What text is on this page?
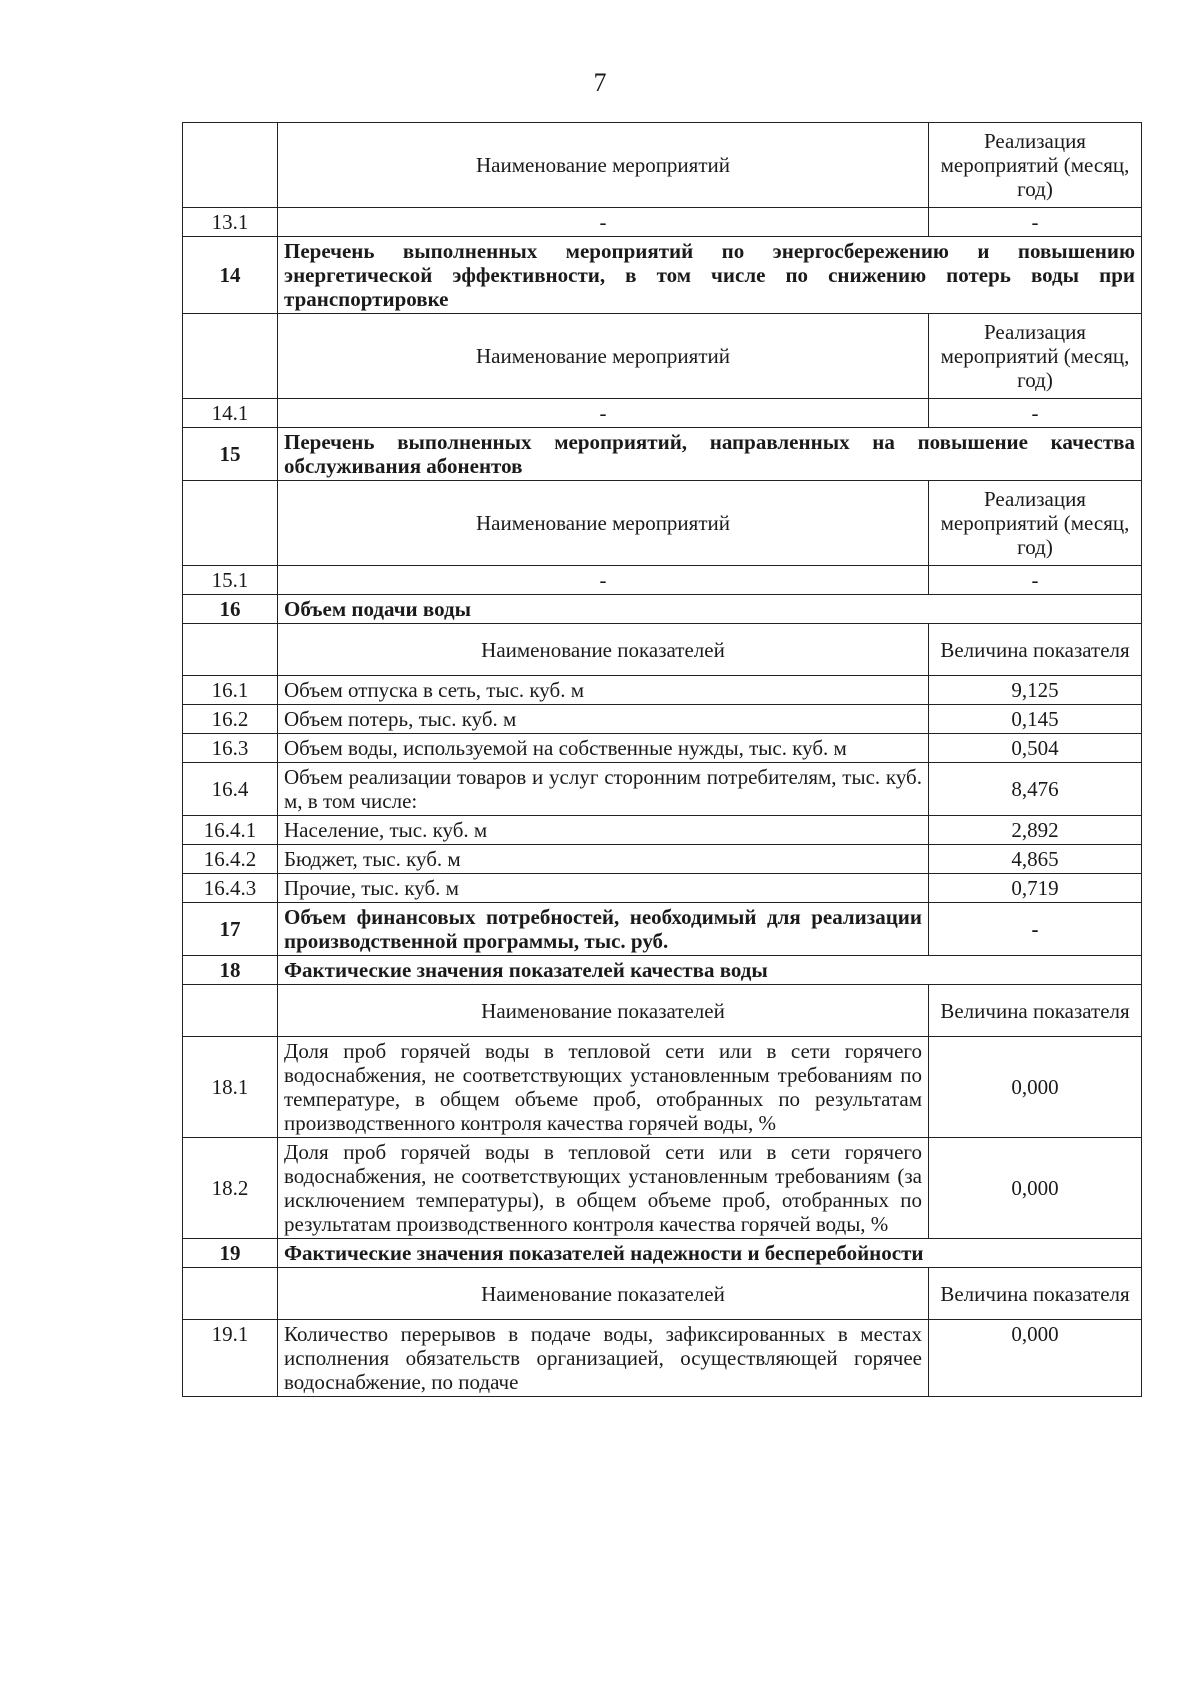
7
	Наименование мероприятий	Реализация мероприятий (месяц, год)
13.1	-	-
14	Перечень выполненных мероприятий по энергосбережению и повышению энергетической эффективности, в том числе по снижению потерь воды при транспортировке	
	Наименование мероприятий	Реализация мероприятий (месяц, год)
14.1	-	-
15	Перечень выполненных мероприятий, направленных на повышение качества обслуживания абонентов	
	Наименование мероприятий	Реализация мероприятий (месяц, год)
15.1	-	-
16	Объем подачи воды	
	Наименование показателей	Величина показателя
16.1	Объем отпуска в сеть, тыс. куб. м	9,125
16.2	Объем потерь, тыс. куб. м	0,145
16.3	Объем воды, используемой на собственные нужды, тыс. куб. м	0,504
16.4	Объем реализации товаров и услуг сторонним потребителям, тыс. куб. м, в том числе:	8,476
16.4.1	Население, тыс. куб. м	2,892
16.4.2	Бюджет, тыс. куб. м	4,865
16.4.3	Прочие, тыс. куб. м	0,719
17	Объем финансовых потребностей, необходимый для реализации производственной программы, тыс. руб.	-
18	Фактические значения показателей качества воды	
	Наименование показателей	Величина показателя
18.1	Доля проб горячей воды в тепловой сети или в сети горячего водоснабжения, не соответствующих установленным требованиям по температуре, в общем объеме проб, отобранных по результатам производственного контроля качества горячей воды, %	0,000
18.2	Доля проб горячей воды в тепловой сети или в сети горячего водоснабжения, не соответствующих установленным требованиям (за исключением температуры), в общем объеме проб, отобранных по результатам производственного контроля качества горячей воды, %	0,000
19	Фактические значения показателей надежности и бесперебойности	
	Наименование показателей	Величина показателя
19.1	Количество перерывов в подаче воды, зафиксированных в местах исполнения обязательств организацией, осуществляющей горячее водоснабжение, по подаче	0,000
